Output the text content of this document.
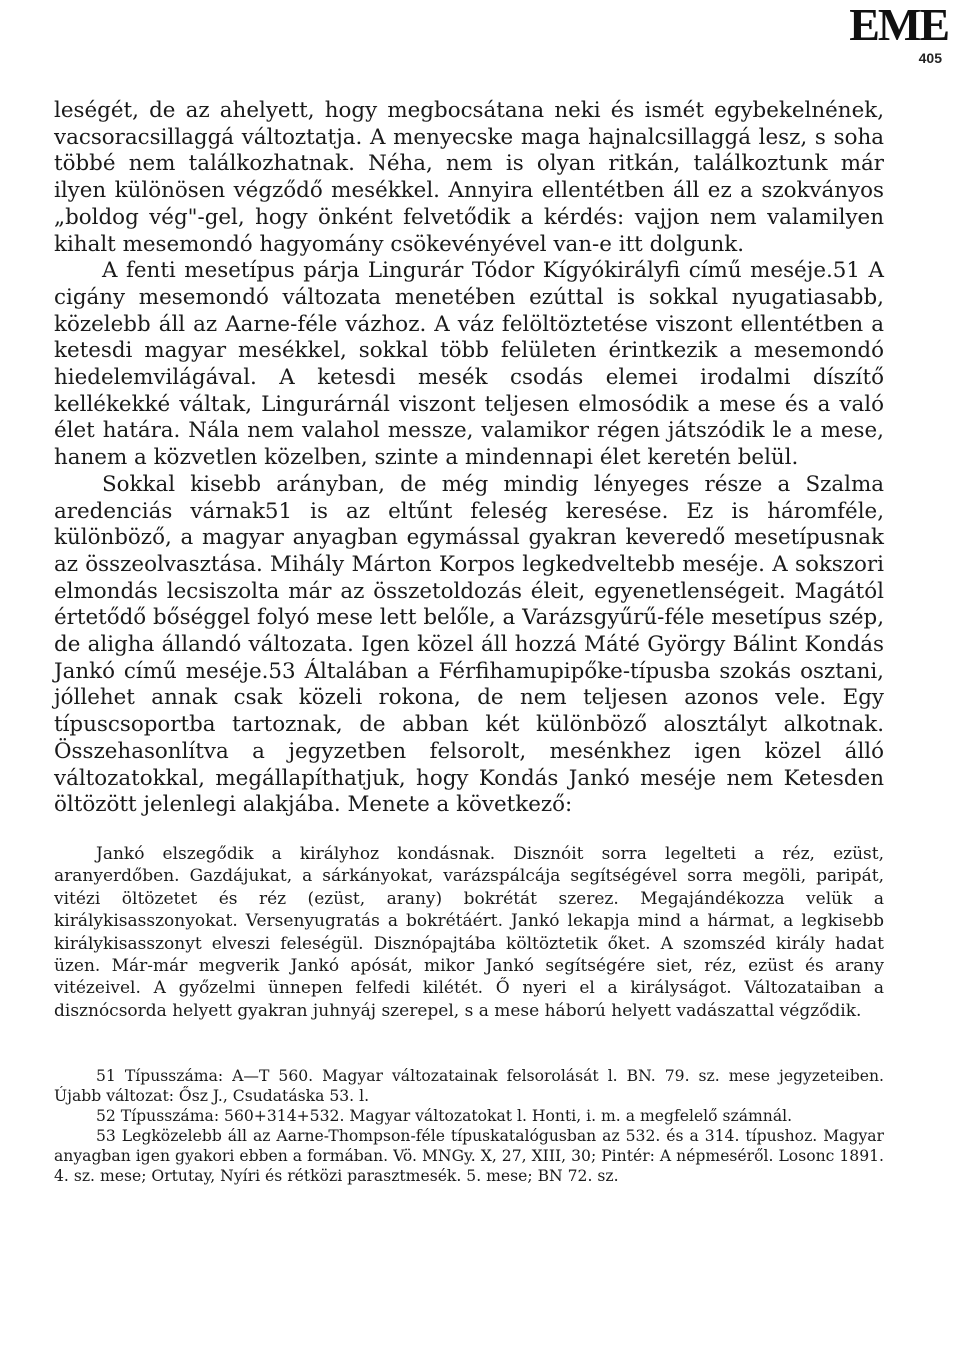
EME
405

leségét, de az ahelyett, hogy megbocsátana neki és ismét egybekelnének, vacsoracsillaggá változtatja. A menyecske maga hajnalcsillaggá lesz, s soha többé nem találkozhatnak. Néha, nem is olyan ritkán, találkoztunk már ilyen különösen végződő mesékkel. Annyira ellentétben áll ez a szokványos „boldog vég"-gel, hogy önként felvetődik a kérdés: vajjon nem valamilyen kihalt mesemondó hagyomány csökevényével van-e itt dolgunk.

A fenti mesetípus párja Lingurár Tódor Kígyókirályfi című meséje.51 A cigány mesemondó változata menetében ezúttal is sokkal nyugatiasabb, közelebb áll az Aarne-féle vázhoz. A váz felöltöztetése viszont ellentétben a ketesdi magyar mesékkel, sokkal több felületen érintkezik a mesemondó hiedelemvilágával. A ketesdi mesék csodás elemei irodalmi díszítő kellékekké váltak, Lingurárnál viszont teljesen elmosódik a mese és a való élet határa. Nála nem valahol messze, valamikor régen játszódik le a mese, hanem a közvetlen közelben, szinte a mindennapi élet keretén belül.

Sokkal kisebb arányban, de még mindig lényeges része a Szalma aredenciás várnak51 is az eltűnt feleség keresése. Ez is háromféle, különböző, a magyar anyagban egymással gyakran keveredő mesetípusnak az összeolvasztása. Mihály Márton Korpos legkedveltebb meséje. A sokszori elmondás lecsiszolta már az összetoldozás éleit, egyenetlenségeit. Magától értetődő bőséggel folyó mese lett belőle, a Varázsgyűrű-féle mesetípus szép, de aligha állandó változata. Igen közel áll hozzá Máté György Bálint Kondás Jankó című meséje.53 Általában a Férfihamupipőke-típusba szokás osztani, jóllehet annak csak közeli rokona, de nem teljesen azonos vele. Egy típuscsoportba tartoznak, de abban két különböző alosztályt alkotnak. Összehasonlítva a jegyzetben felsorolt, mesénkhez igen közel álló változatokkal, megállapíthatjuk, hogy Kondás Jankó meséje nem Ketesden öltözött jelenlegi alakjába. Menete a következő:

Jankó elszegődik a királyhoz kondásnak. Disznóit sorra legelteti a réz, ezüst, aranyerdőben. Gazdájukat, a sárkányokat, varázspálcája segítségével sorra megöli, paripát, vitézi öltözetet és réz (ezüst, arany) bokrétát szerez. Megajándékozza velük a királykisasszonyokat. Versenyugratás a bokrétáért. Jankó lekapja mind a hármat, a legkisebb királykisasszonyt elveszi feleségül. Disznópajtába költöztetik őket. A szomszéd király hadat üzen. Már-már megverik Jankó apósát, mikor Jankó segítségére siet, réz, ezüst és arany vitézeivel. A győzelmi ünnepen felfedi kilétét. Ő nyeri el a királyságot. Változataiban a disznócsorda helyett gyakran juhnyáj szerepel, s a mese háború helyett vadászattal végződik.

51 Típusszáma: A—T 560. Magyar változatainak felsorolását l. BN. 79. sz. mese jegyzeteiben. Újabb változat: Ősz J., Csudatáska 53. l.

52 Típusszáma: 560+314+532. Magyar változatokat l. Honti, i. m. a megfelelő számnál.

53 Legközelebb áll az Aarne-Thompson-féle típuskatalógusban az 532. és a 314. típushoz. Magyar anyagban igen gyakori ebben a formában. Vö. MNGy. X, 27, XIII, 30; Pintér: A népmeséről. Losonc 1891. 4. sz. mese; Ortutay, Nyíri és rétközi parasztmesék. 5. mese; BN 72. sz.
